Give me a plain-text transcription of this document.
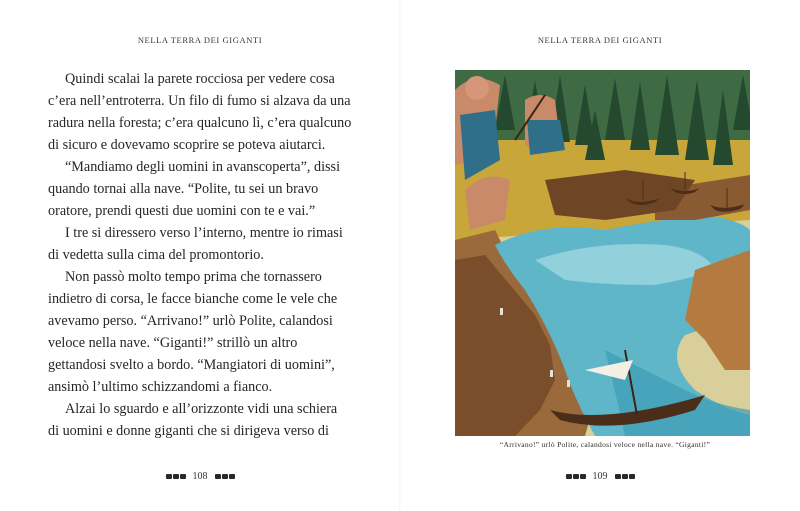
NELLA TERRA DEI GIGANTI

Quindi scalai la parete rocciosa per vedere cosa
c’era nell’entroterra. Un filo di fumo si alzava da una
radura nella foresta; c’era qualcuno lì, c’era qualcuno
di sicuro e dovevamo scoprire se poteva aiutarci.

“Mandiamo degli uomini in avanscoperta”, dissi
quando tornai alla nave. “Polite, tu sei un bravo
oratore, prendi questi due uomini con te e vai.”

I tre si diressero verso l’interno, mentre io rimasi
di vedetta sulla cima del promontorio.

Non passò molto tempo prima che tornassero
indietro di corsa, le facce bianche come le vele che
avevamo perso. “Arrivano!” urlò Polite, calandosi
veloce nella nave. “Giganti!” strillò un altro
gettandosi svelto a bordo. “Mangiatori di uomini”,
ansimò l’ultimo schizzandomi a fianco.

Alzai lo sguardo e all’orizzonte vidi una schiera
di uomini e donne giganti che si dirigeva verso di

108
NELLA TERRA DEI GIGANTI
109
“Arrivano!” urlò Polite, calandosi veloce nella nave. “Giganti!”
